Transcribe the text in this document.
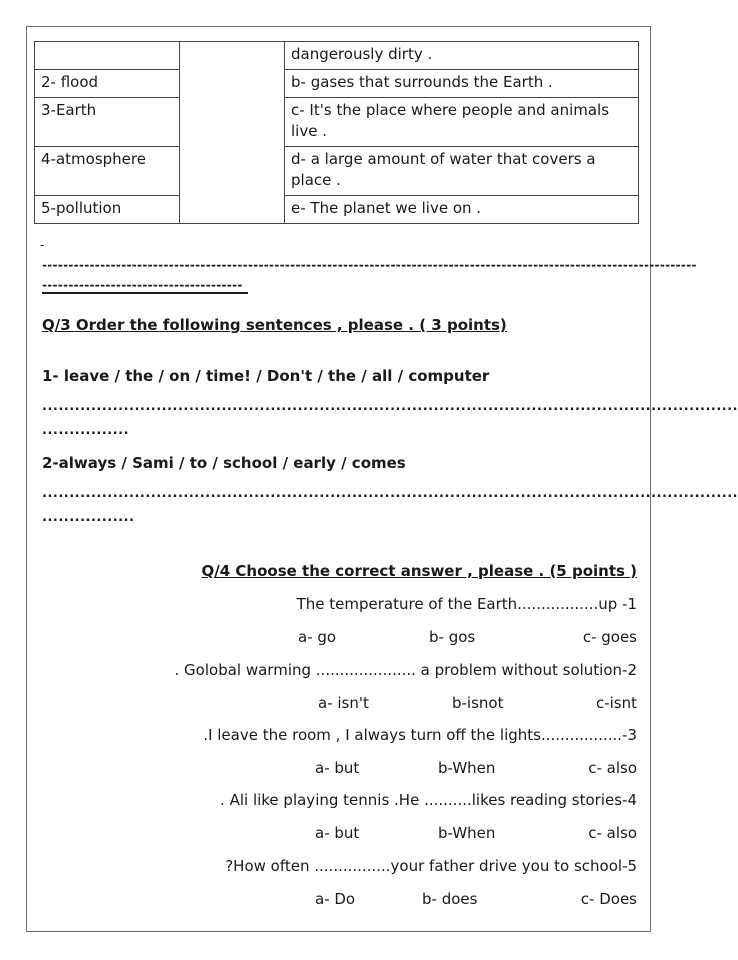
		dangerously dirty .
2- flood		b- gases that surrounds the Earth .
3-Earth		c- It's the place where people and animals live .
4-atmosphere		d- a large amount of water that covers a place .
5-pollution		e- The planet we live on .
-
----------------------------------------------------------------------------------------------------------------------------
--------------------------------------
Q/3 Order the following sentences , please . ( 3 points)
1- leave / the / on / time! / Don't / the / all / computer
................................................................................................................................
................
2-always / Sami / to / school / early / comes
................................................................................................................................
.................
Q/4 Choose the correct answer , please . (5 points )
The temperature of the Earth.................up -1
a- go	b- gos	c- goes
. Golobal warming ..................... a problem without solution-2
a- isn't	b-isnot	c-isnt
.I leave the room , I always turn off the lights.................-3
a- but	b-When	c- also
. Ali like playing tennis .He ..........likes reading stories-4
a- but	b-When	c- also
?How often ................your father drive you to school-5
a- Do	b- does	c- Does
